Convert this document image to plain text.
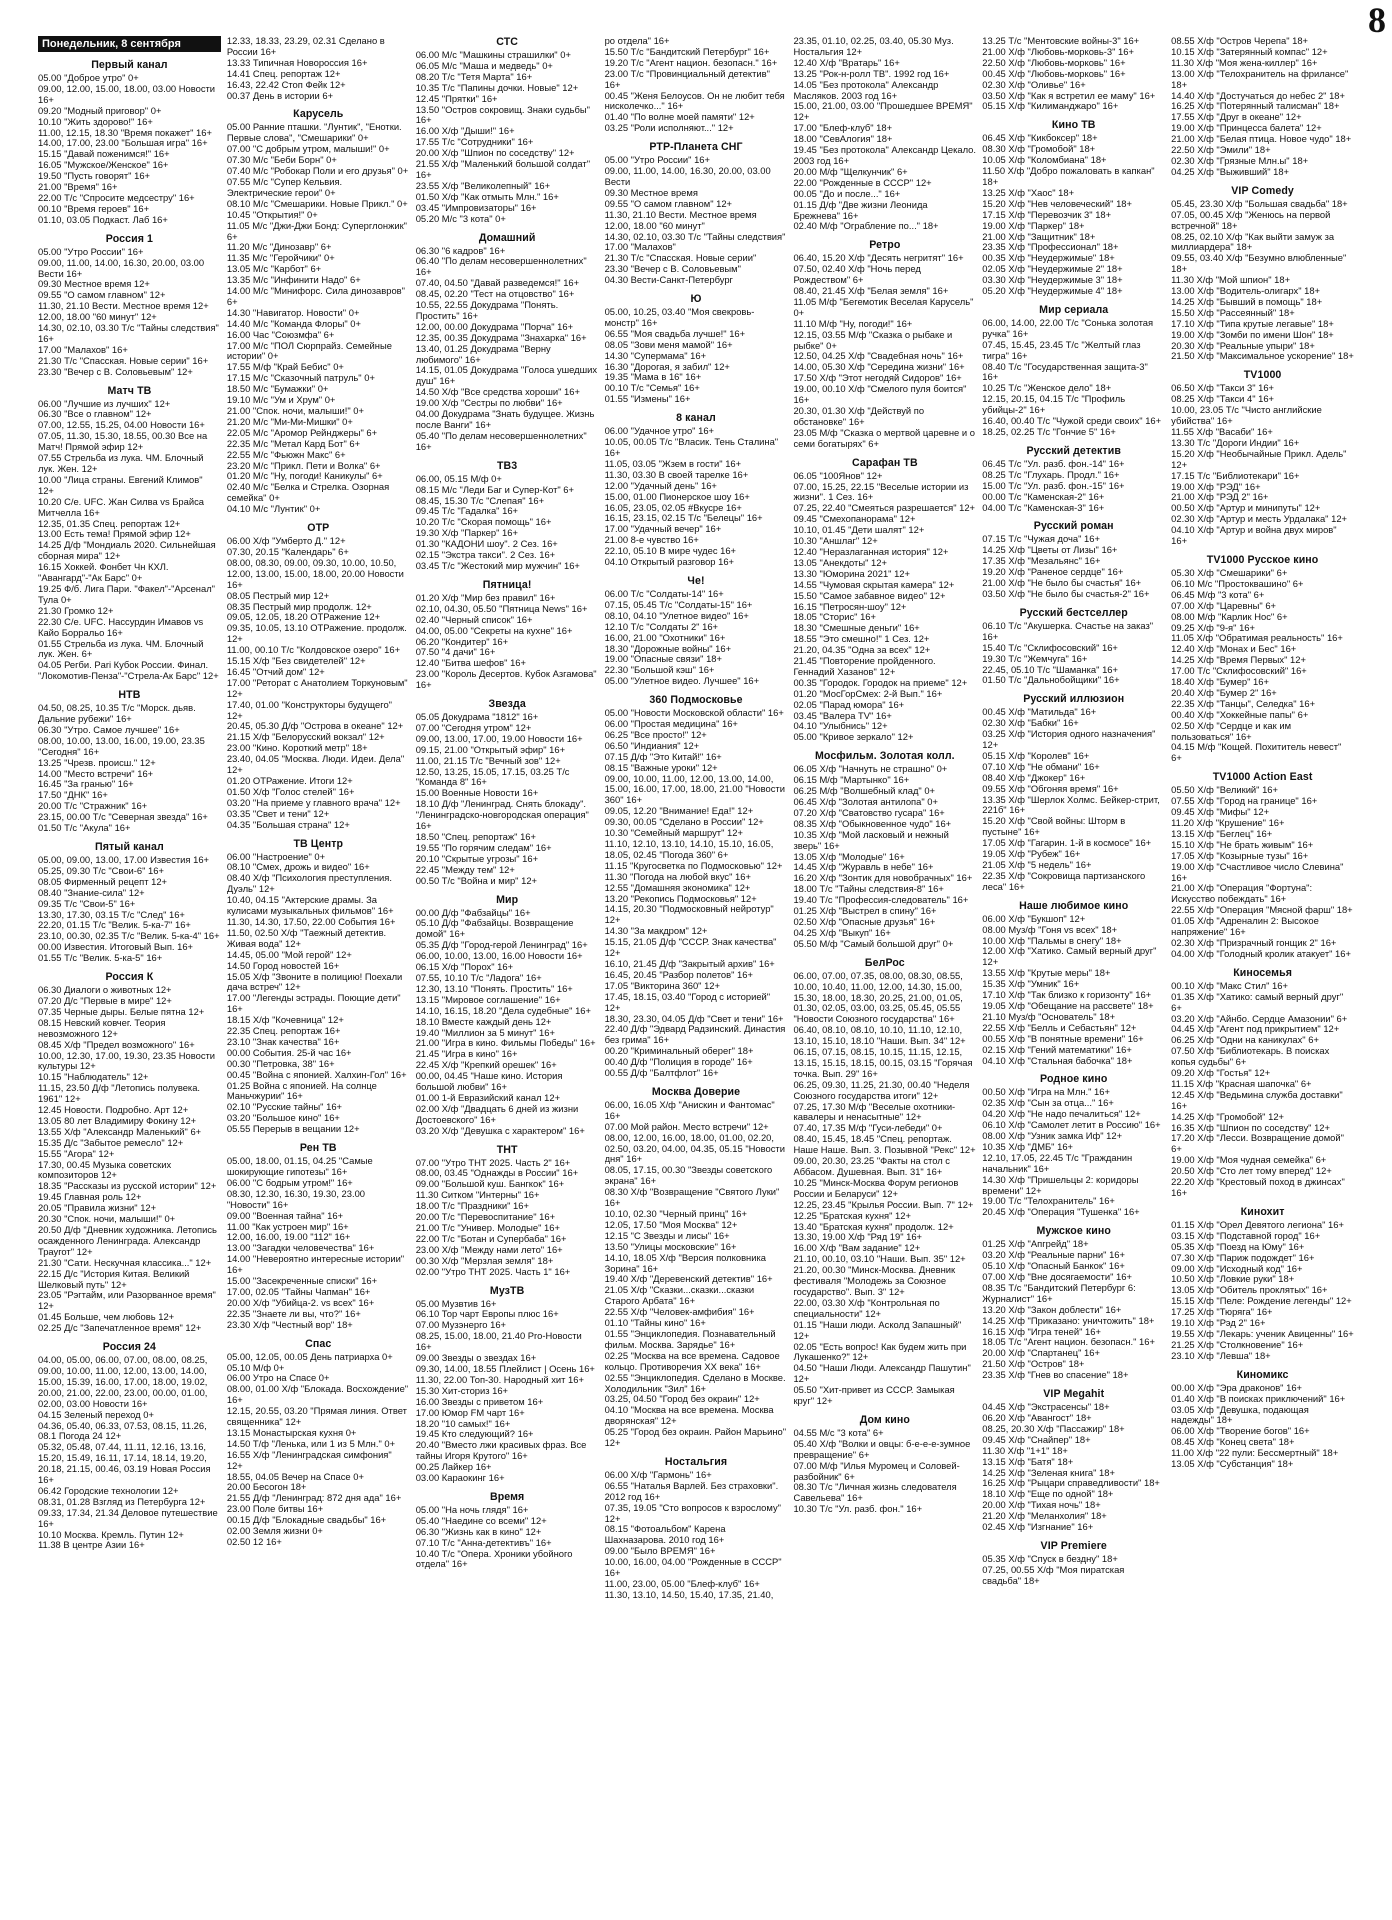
8
Понедельник, 8 сентября
Первый канал
05.00 "Доброе утро" 0+
09.00, 12.00, 15.00, 18.00, 03.00 Новости 16+
09.20 "Модный приговор" 0+
10.10 "Жить здорово!" 16+
11.00, 12.15, 18.30 "Время покажет" 16+
14.00, 17.00, 23.00 "Большая игра" 16+
15.15 "Давай поженимся!" 16+
16.05 "Мужское/Женское" 16+
19.50 "Пусть говорят" 16+
21.00 "Время" 16+
22.00 Т/с "Спросите медсестру" 16+
00.10 "Время героев" 16+
01.10, 03.05 Подкаст. Лаб 16+
Россия 1
05.00 "Утро России" 16+
09.00, 11.00, 14.00, 16.30, 20.00, 03.00 Вести 16+
09.30 Местное время 12+
09.55 "О самом главном" 12+
11.30, 21.10 Вести. Местное время 12+
12.00, 18.00 "60 минут" 12+
14.30, 02.10, 03.30 Т/с "Тайны следствия" 16+
17.00 "Малахов" 16+
21.30 Т/с "Спасская. Новые серии" 16+
23.30 "Вечер с В. Соловьевым" 12+
Матч ТВ
06.00 "Лучшие из лучших" 12+
06.30 "Все о главном" 12+
07.00, 12.55, 15.25, 04.00 Новости 16+
07.05, 11.30, 15.30, 18.55, 00.30 Все на Матч! Прямой эфир 12+
07.55 Стрельба из лука. ЧМ. Блочный лук. Жен. 12+
10.00 "Лица страны. Евгений Климов" 12+
10.20 С/е. UFC. Жан Силва vs Брайса Митчелла 16+
12.35, 01.35 Спец. репортаж 12+
13.00 Есть тема! Прямой эфир 12+
14.25 Д/ф "Мондиаль 2020. Сильнейшая сборная мира" 12+
16.15 Хоккей. Фонбет Чн КХЛ. "Авангард"-"Ак Барс" 0+
19.25 Ф/б. Лига Пари. "Факел"-"Арсенал" Тула 0+
21.30 Громко 12+
22.30 С/е. UFC. Нассурдин Имавов vs Кайо Борральо 16+
01.55 Стрельба из лука. ЧМ. Блочный лук. Жен. 6+
04.05 Регби. Pari Кубок России. Финал. "Локомотив-Пенза"-"Стрела-Ак Барс" 12+
НТВ
04.50, 08.25, 10.35 Т/с "Морск. дьяв. Дальние рубежи" 16+
06.30 "Утро. Самое лучшее" 16+
08.00, 10.00, 13.00, 16.00, 19.00, 23.35 "Сегодня" 16+
13.25 "Чрезв. происш." 12+
14.00 "Место встречи" 16+
16.45 "За гранью" 16+
17.50 "ДНК" 16+
20.00 Т/с "Стражник" 16+
23.15, 00.00 Т/с "Северная звезда" 16+
01.50 Т/с "Акула" 16+
Пятый канал
05.00, 09.00, 13.00, 17.00 Известия 16+
05.25, 09.30 Т/с "Свои-6" 16+
08.05 Фирменный рецепт 12+
08.40 "Знание-сила" 12+
09.35 Т/с "Свои-5" 16+
13.30, 17.30, 03.15 Т/с "След" 16+
22.20, 01.15 Т/с "Велик. 5-ка-7" 16+
23.10, 00.30, 02.35 Т/с "Велик. 5-ка-4" 16+
00.00 Известия. Итоговый Вып. 16+
01.55 Т/с "Велик. 5-ка-5" 16+
Россия К
06.30 Диалоги о животных 12+
07.20 Д/с "Первые в мире" 12+
07.35 Черные дыры. Белые пятна 12+
08.15 Невский ковчег. Теория невозможного 12+
08.45 Х/ф "Предел возможного" 16+
10.00, 12.30, 17.00, 19.30, 23.35 Новости культуры 12+
10.15 "Наблюдатель" 12+
11.15, 23.50 Д/ф "Летопись полувека. 1961" 12+
12.45 Новости. Подробно. Арт 12+
13.05 80 лет Владимиру Фокину 12+
13.55 Х/ф "Александр Маленький" 6+
15.35 Д/с "Забытое ремесло" 12+
15.55 "Агора" 12+
17.30, 00.45 Музыка советских композиторов 12+
18.35 "Рассказы из русской истории" 12+
19.45 Главная роль 12+
20.05 "Правила жизни" 12+
20.30 "Спок. ночи, малыши!" 0+
20.50 Д/ф "Дневник художника. Летопись осажденного Ленинграда. Александр Траугот" 12+
21.30 "Сати. Нескучная классика..." 12+
22.15 Д/с "История Китая. Великий Шелковый путь" 12+
23.05 "Рэгтайм, или Разорванное время" 12+
01.45 Больше, чем любовь 12+
02.25 Д/с "Запечатленное время" 12+
Россия 24
04.00, 05.00, 06.00, 07.00, 08.00, 08.25, 09.00, 10.00, 11.00, 12.00, 13.00, 14.00, 15.00, 15.39, 16.00, 17.00, 18.00, 19.02, 20.00, 21.00, 22.00, 23.00, 00.00, 01.00, 02.00, 03.00 Новости 16+
04.15 Зеленый переход 0+
04.36, 05.40, 06.33, 07.53, 08.15, 11.26, 08.1 Погода 24 12+
05.32, 05.48, 07.44, 11.11, 12.16, 13.16, 15.20, 15.49, 16.11, 17.14, 18.14, 19.20, 20.18, 21.15, 00.46, 03.19 Новая Россия 16+
06.42 Городские технологии 12+
08.31, 01.28 Взгляд из Петербурга 12+
09.33, 17.34, 21.34 Деловое путешествие 16+
10.10 Москва. Кремль. Путин 12+
11.38 В центре Азии 16+
12.33, 18.33, 23.29, 02.31 Сделано в России 16+
13.33 Типичная Новороссия 16+
14.41 Спец. репортаж 12+
16.43, 22.42 Стоп Фейк 12+
00.37 День в истории 6+
Карусель
05.00 Ранние пташки. "Лунтик", "Енотки. Первые слова", "Смешарики" 0+
07.00 "С добрым утром, малыши!" 0+
07.30 М/с "Беби Борн" 0+
07.40 М/с "Робокар Поли и его друзья" 0+
07.55 М/с "Супер Кельвия. Электрические герои" 0+
08.10 М/с "Смешарики. Новые Прикл." 0+
10.45 "Открытия!" 0+
11.05 М/с "Джи-Джи Бонд: Суперглонжик" 6+
11.20 М/с "Динозавр" 6+
11.35 М/с "Геройчики" 0+
13.05 М/с "Карбот" 6+
13.35 М/с "Инфинити Надо" 6+
14.00 М/с "Минифорс. Сила динозавров" 6+
14.30 "Навигатор. Новости" 0+
14.40 М/с "Команда Флоры" 0+
16.00 Час "Союзмфа" 6+
17.00 М/с "ПОЛ Сюрпрайз. Семейные истории" 0+
17.55 М/ф "Край Бебис" 0+
17.15 М/с "Сказочный патруль" 0+
18.50 М/с "Бумажки" 0+
19.10 М/с "Ум и Хрум" 0+
21.00 "Спок. ночи, малыши!" 0+
21.20 М/с "Ми-Ми-Мишки" 0+
22.05 М/с "Аромор Рейнджеры" 6+
22.35 М/с "Метал Кард Бот" 6+
22.55 М/с "Фьюжн Макс" 6+
23.20 М/с "Прикл. Пети и Волка" 6+
01.20 М/с "Ну, погоди! Каникулы" 6+
02.40 М/с "Белка и Стрелка. Озорная семейка" 0+
04.10 М/с "Лунтик" 0+
ОТР
06.00 Х/ф "Умберто Д." 12+
07.30, 20.15 "Календарь" 6+
08.00, 08.30, 09.00, 09.30, 10.00, 10.50, 12.00, 13.00, 15.00, 18.00, 20.00 Новости 16+
08.05 Пестрый мир 12+
08.35 Пестрый мир продолж. 12+
09.05, 12.05, 18.20 ОТРажение 12+
09.35, 10.05, 13.10 ОТРажение. продолж. 12+
11.00, 00.10 Т/с "Колдовское озеро" 16+
15.15 Х/ф "Без свидетелей" 12+
16.45 "Отчий дом" 12+
17.00 "Реторат с Анатолием Торкуновым" 12+
17.40, 01.00 "Конструкторы будущего" 12+
20.45, 05.30 Д/ф "Острова в океане" 12+
21.15 Х/ф "Белорусский вокзал" 12+
23.00 "Кино. Короткий метр" 18+
23.40, 04.05 "Москва. Люди. Идеи. Дела" 12+
01.20 ОТРажение. Итоги 12+
01.50 Х/ф "Голос стелей" 16+
03.20 "На приеме у главного врача" 12+
03.35 "Свет и тени" 12+
04.35 "Большая страна" 12+
ТВ Центр
06.00 "Настроение" 0+
08.10 "Смех, дрожь и видео" 16+
08.40 Х/ф "Психология преступления. Дуэль" 12+
10.40, 04.15 "Актерские драмы. За кулисами музыкальных фильмов" 16+
11.30, 14.30, 17.50, 22.00 События 16+
11.50, 02.50 Х/ф "Таежный детектив. Живая вода" 12+
14.45, 05.00 "Мой герой" 12+
14.50 Город новостей 16+
15.05 Х/ф "Звоните в полицию! Поехали дача встреч" 12+
17.00 "Легенды эстрады. Поющие дети" 16+
18.15 Х/ф "Кочевница" 12+
22.35 Спец. репортаж 16+
23.10 "Знак качества" 16+
00.00 События. 25-й час 16+
00.30 "Петровка, 38" 16+
00.45 "Война с японией. Халхин-Гол" 16+
01.25 Война с японией. На солнце Маньчжурии" 16+
02.10 "Русские тайны" 16+
03.20 "Большое кино" 16+
05.55 Перерыв в вещании 12+
Рен ТВ
05.00, 18.00, 01.15, 04.25 "Самые шокирующие гипотезы" 16+
06.00 "С бодрым утром!" 16+
08.30, 12.30, 16.30, 19.30, 23.00 "Новости" 16+
09.00 "Военная тайна" 16+
11.00 "Как устроен мир" 16+
12.00, 16.00, 19.00 "112" 16+
13.00 "Загадки человечества" 16+
14.00 "Невероятно интересные истории" 16+
15.00 "Засекреченные списки" 16+
17.00, 02.05 "Тайны Чапман" 16+
20.00 Х/ф "Убийца-2. vs всех" 16+
22.35 "Знаете ли вы, что?" 16+
23.30 Х/ф "Честный вор" 18+
Спас
05.00, 12.05, 00.05 День патриарха 0+
05.10 М/ф 0+
06.00 Утро на Спасе 0+
08.00, 01.00 Х/ф "Блокада. Восхождение" 16+
12.15, 20.55, 03.20 "Прямая линия. Ответ священника" 12+
13.15 Монастырская кухня 0+
14.50 Т/ф "Ленька, или 1 из 5 Млн." 0+
16.55 Х/ф "Ленинградская симфония" 12+
18.55, 04.05 Вечер на Спасе 0+
20.00 Бесогон 18+
21.55 Д/ф "Ленинград: 872 дня ада" 16+
23.00 Поле битвы 16+
00.15 Д/ф "Блокадные свадьбы" 16+
02.00 Земля жизни 0+
02.50 12 16+
СТС
06.00 М/с "Машкины страшилки" 0+
06.05 М/с "Маша и медведь" 0+
08.20 Т/с "Тетя Марта" 16+
10.35 Т/с "Папины дочки. Новые" 12+
12.45 "Прятки" 16+
13.50 "Остров сокровищ. Знаки судьбы" 16+
16.00 Х/ф "Дыши!" 16+
17.55 Т/с "Сотрудники" 16+
20.00 Х/ф "Шпион по соседству" 12+
21.55 Х/ф "Маленький большой солдат" 16+
23.55 Х/ф "Великолепный" 16+
01.50 Х/ф "Как отмыть Млн." 16+
03.45 "Импровизаторы" 16+
05.20 М/с "3 кота" 0+
Домашний
06.30 "6 кадров" 16+
06.40 "По делам несовершеннолетних" 16+
07.40, 04.50 "Давай разведемся!" 16+
08.45, 02.20 "Тест на отцовство" 16+
10.55, 22.55 Докудрама "Понять. Простить" 16+
12.00, 00.00 Докудрама "Порча" 16+
12.35, 00.35 Докудрама "Знахарка" 16+
13.40, 01.25 Докудрама "Верну любимого" 16+
14.15, 01.05 Докудрама "Голоса ушедших душ" 16+
14.50 Х/ф "Все средства хороши" 16+
19.00 Х/ф "Сестры по любви" 16+
04.00 Докудрама "Знать будущее. Жизнь после Ванги" 16+
05.40 "По делам несовершеннолетних" 16+
ТВ3
06.00, 05.15 М/ф 0+
08.15 М/с "Леди Баг и Супер-Кот" 6+
08.45, 15.30 Т/с "Слепая" 16+
09.45 Т/с "Гадалка" 16+
10.20 Т/с "Скорая помощь" 16+
19.30 Х/ф "Паркер" 16+
01.30 "КАДОНИ шоу". 2 Сез. 16+
02.15 "Экстра такси". 2 Сез. 16+
03.45 Т/с "Жестокий мир мужчин" 16+
Пятница!
01.20 Х/ф "Мир без правил" 16+
02.10, 04.30, 05.50 "Пятница News" 16+
02.40 "Черный список" 16+
04.00, 05.00 "Секреты на кухне" 16+
06.20 "Кондитер" 16+
07.50 "4 дачи" 16+
12.40 "Битва шефов" 16+
23.00 "Король Десертов. Кубок Азгамова" 16+
Звезда
05.05 Докудрама "1812" 16+
07.00 "Сегодня утром" 12+
09.00, 13.00, 17.00, 19.00 Новости 16+
09.15, 21.00 "Открытый эфир" 16+
11.00, 21.15 Т/с "Вечный зов" 12+
12.50, 13.25, 15.05, 17.15, 03.25 Т/с "Команда 8" 16+
15.00 Военные Новости 16+
18.10 Д/ф "Ленинград. Снять блокаду". "Ленинградско-новгородская операция" 16+
18.50 "Спец. репортаж" 16+
19.55 "По горячим следам" 16+
20.10 "Скрытые угрозы" 16+
22.45 "Между тем" 12+
00.50 Т/с "Война и мир" 12+
Мир
00.00 Д/ф "Фабзайцы" 16+
05.10 Д/ф "Фабзайцы. Возвращение домой" 16+
05.35 Д/ф "Город-герой Ленинград" 16+
06.00, 10.00, 13.00, 16.00 Новости 16+
06.15 Х/ф "Порох" 16+
07.55, 10.10 Т/с "Ладога" 16+
12.30, 13.10 "Понять. Простить" 16+
13.15 "Мировое соглашение" 16+
14.10, 16.15, 18.20 "Дела судебные" 16+
18.10 Вместе каждый день 12+
19.40 "Миллион за 5 минут" 16+
21.00 "Игра в кино. Фильмы Победы" 16+
21.45 "Игра в кино" 16+
22.45 Х/ф "Крепкий орешек" 16+
00.00, 04.45 "Наше кино. История большой любви" 16+
01.00 1-й Евразийский канал 12+
02.00 Х/ф "Двадцать 6 дней из жизни Достоевского" 16+
03.20 Х/ф "Девушка с характером" 16+
ТНТ
07.00 "Утро ТНТ 2025. Часть 2" 16+
08.00, 03.45 "Однажды в России" 16+
09.00 "Большой куш. Бангкок" 16+
11.30 Ситком "Интерны" 16+
18.00 Т/с "Праздники" 16+
20.00 Т/с "Перевоспитание" 16+
21.00 Т/с "Универ. Молодые" 16+
22.00 Т/с "Ботан и Супербаба" 16+
23.00 Х/ф "Между нами лето" 16+
00.30 Х/ф "Мерзлая земля" 18+
02.00 "Утро ТНТ 2025. Часть 1" 16+
МузТВ
05.00 Музвтив 16+
06.10 Тор чарт Европы плюс 16+
07.00 Музэнерго 16+
08.25, 15.00, 18.00, 21.40 Pro-Новости 16+
09.00 Звезды о звездах 16+
09.30, 14.00, 18.55 Плейлист | Осень 16+
11.30, 22.00 Топ-30. Народный хит 16+
15.30 Хит-сториз 16+
16.00 Звезды с приветом 16+
17.00 Юмор FM чарт 16+
18.20 "10 самых!" 16+
19.45 Кто следующий? 16+
20.40 "Вместо лжи красивых фраз. Все тайны Игоря Крутого" 16+
00.25 Лайкер 16+
03.00 Караокинг 16+
Время
05.00 "На ночь глядя" 16+
05.40 "Наедине со всеми" 12+
06.30 "Жизнь как в кино" 12+
07.10 Т/с "Анна-детективъ" 16+
10.40 Т/с "Опера. Хроники убойного отдела" 16+
ро отдела" 16+
15.50 Т/с "Бандитский Петербург" 16+
19.20 Т/с "Агент национ. безопасн." 16+
23.00 Т/с "Провинциальный детектив" 16+
00.45 "Женя Белоусов. Он не любит тебя нисколечко..." 16+
01.40 "По волне моей памяти" 12+
03.25 "Роли исполняют..." 12+
РТР-Планета СНГ
05.00 "Утро России" 16+
09.00, 11.00, 14.00, 16.30, 20.00, 03.00 Вести
09.30 Местное время
09.55 "О самом главном" 12+
11.30, 21.10 Вести. Местное время
12.00, 18.00 "60 минут"
14.30, 02.10, 03.30 Т/с "Тайны следствия"
17.00 "Малахов"
21.30 Т/с "Спасская. Новые серии"
23.30 "Вечер с В. Соловьевым"
04.30 Вести-Санкт-Петербург
Ю
05.00, 10.25, 03.40 "Моя свекровь-монстр" 16+
06.55 "Моя свадьба лучше!" 16+
08.05 "Зови меня мамой" 16+
14.30 "Супермама" 16+
16.30 "Дорогая, я забил" 12+
19.35 "Мама в 16" 16+
00.10 Т/с "Семья" 16+
01.55 "Измены" 16+
8 канал
06.00 "Удачное утро" 16+
10.05, 00.05 Т/с "Власик. Тень Сталина" 16+
11.05, 03.05 "Жзем в гости" 16+
11.30, 03.30 В своей тарелке 16+
12.00 "Удачный день" 16+
15.00, 01.00 Пионерское шоу 16+
16.05, 23.05, 02.05 #Вкусре 16+
16.15, 23.15, 02.15 Т/с "Белецы" 16+
17.00 "Удачный вечер" 16+
21.00 8-е чувство 16+
22.10, 05.10 В мире чудес 16+
04.10 Открытый разговор 16+
Че!
06.00 Т/с "Солдаты-14" 16+
07.15, 05.45 Т/с "Солдаты-15" 16+
08.10, 04.10 "Улетное видео" 16+
12.10 Т/с "Солдаты 2" 16+
16.00, 21.00 "Охотники" 16+
18.30 "Дорожные войны" 16+
19.00 "Опасные связи" 18+
22.30 "Большой кэш" 16+
05.00 "Улетное видео. Лучшее" 16+
360 Подмосковье
05.00 "Новости Московской области" 16+
06.00 "Простая медицина" 16+
06.25 "Все просто!" 12+
06.50 "Индиания" 12+
07.15 Д/ф "Это Китай!" 16+
08.15 "Важные уроки" 12+
09.00, 10.00, 11.00, 12.00, 13.00, 14.00, 15.00, 16.00, 17.00, 18.00, 21.00 "Новости 360" 16+
09.05, 12.20 "Внимание! Еда!" 12+
09.30, 00.05 "Сделано в России" 12+
10.30 "Семейный маршрут" 12+
11.10, 12.10, 13.10, 14.10, 15.10, 16.05, 18.05, 02.45 "Погода 360" 6+
11.15 "Кругосветка по Подмосковью" 12+
11.30 "Погода на любой вкус" 16+
12.55 "Домашняя экономика" 12+
13.20 "Рекопись Подмосковья" 12+
14.15, 20.30 "Подмосковный нейротур" 12+
14.30 "За макдром" 12+
15.15, 21.05 Д/ф "СССР. Знак качества" 12+
16.10, 21.45 Д/ф "Закрытый архив" 16+
16.45, 20.45 "Разбор полетов" 16+
17.05 "Викторина 360" 12+
17.45, 18.15, 03.40 "Город с историей" 12+
18.30, 23.30, 04.05 Д/ф "Свет и тени" 16+
22.40 Д/ф "Эдвард Радзинский. Династия без грима" 16+
00.20 "Криминальный оберег" 18+
00.40 Д/ф "Полиция в городе" 16+
00.55 Д/ф "Балтфлот" 16+
Москва Доверие
06.00, 16.05 Х/ф "Анискин и Фантомас" 16+
07.00 Мой район. Место встречи" 12+
08.00, 12.00, 16.00, 18.00, 01.00, 02.20, 02.50, 03.20, 04.00, 04.35, 05.15 "Новости дня" 16+
08.05, 17.15, 00.30 "Звезды советского экрана" 16+
08.30 Х/ф "Возвращение "Святого Луки" 16+
10.10, 02.30 "Черный принц" 16+
12.05, 17.50 "Моя Москва" 12+
12.15 "С Звезды и лисы" 16+
13.50 "Улицы московские" 16+
14.10, 18.05 Х/ф "Версия полковника Зорина" 16+
19.40 Х/ф "Деревенский детектив" 16+
21.05 Х/ф "Сказки...сказки...сказки Старого Арбата" 16+
22.55 Х/ф "Человек-амфибия" 16+
01.10 "Тайны кино" 16+
01.55 "Энциклопедия. Познавательный фильм. Москва. Зарядье" 16+
02.25 "Москва на все времена. Садовое кольцо. Противоречия XX века" 16+
02.55 "Энциклопедия. Сделано в Москве. Холодильник "Зил" 16+
03.25, 04.50 "Город без окраин" 12+
04.10 "Москва на все времена. Москва дворянская" 12+
05.25 "Город без окраин. Район Марьино" 12+
Ностальгия
06.00 Х/ф "Гармонь" 16+
06.55 "Наталья Варлей. Без страховки". 2012 год 16+
07.35, 19.05 "Сто вопросов к взрослому" 12+
08.15 "Фотоальбом" Карена Шахназарова. 2010 год 16+
09.00 "Было ВРЕМЯ" 16+
10.00, 16.00, 04.00 "Рожденные в СССР" 16+
11.00, 23.00, 05.00 "Блеф-клуб" 16+
11.30, 13.10, 14.50, 15.40, 17.35, 21.40,
23.35, 01.10, 02.25, 03.40, 05.30 Муз. Ностальгия 12+
12.40 Х/ф "Вратарь" 16+
13.25 "Рок-н-ролл ТВ". 1992 год 16+
14.05 "Без протокола" Александр Масляков. 2003 год 16+
15.00, 21.00, 03.00 "Прошедшее ВРЕМЯ" 12+
17.00 "Блеф-клуб" 18+
18.00 "СевАлогия" 18+
19.45 "Без протокола" Александр Цекало. 2003 год 16+
20.00 М/ф "Щелкунчик" 6+
22.00 "Рожденные в СССР" 12+
00.05 "До и после..." 16+
01.15 Д/ф "Две жизни Леонида Брежнева" 16+
02.40 М/ф "Ограбление по..." 18+
Ретро
06.40, 15.20 Х/ф "Десять негритят" 16+
07.50, 02.40 Х/ф "Ночь перед Рождеством" 6+
08.40, 21.45 Х/ф "Белая земля" 16+
11.05 М/ф "Бегемотик Веселая Карусель" 0+
11.10 М/ф "Ну, погоди!" 16+
12.15, 03.55 М/ф "Сказка о рыбаке и рыбке" 0+
12.50, 04.25 Х/ф "Свадебная ночь" 16+
14.00, 05.30 Х/ф "Середина жизни" 16+
17.50 Х/ф "Этот негодяй Сидоров" 16+
19.00, 00.10 Х/ф "Смелого пуля боится" 16+
20.30, 01.30 Х/ф "Действуй по обстановке" 16+
23.05 М/ф "Сказка о мертвой царевне и о семи богатырях" 6+
Сарафан ТВ
06.05 "100Янов" 12+
07.00, 15.25, 22.15 "Веселые истории из жизни". 1 Сез. 16+
07.25, 22.40 "Смеяться разрешается" 12+
09.45 "Смехопанорама" 12+
10.10, 01.45 "Дети шалят" 12+
10.30 "Аншлаг" 12+
12.40 "Неразлаганная история" 12+
13.05 "Анекдоты" 12+
13.30 "Юморина 2021" 12+
14.55 "Чумовая скрытая камера" 12+
15.50 "Самое забавное видео" 12+
16.15 "Петросян-шоу" 12+
18.05 "Сторис" 16+
18.30 "Смешные деньги" 16+
18.55 "Это смешно!" 1 Сез. 12+
21.20, 04.35 "Одна за всех" 12+
21.45 "Повторение пройденного. Геннадий Хазанов" 12+
00.35 "Городок. Городок на приеме" 12+
01.20 "МосГорСмех: 2-й Вып." 16+
02.05 "Парад юмора" 16+
03.45 "Валера TV" 16+
04.10 "Улыбнись" 12+
05.00 "Кривое зеркало" 12+
Мосфильм. Золотая колл.
06.05 Х/ф "Начнуть не страшно" 0+
06.15 М/ф "Мартынко" 16+
06.25 М/ф "Волшебный клад" 0+
06.45 Х/ф "Золотая антилопа" 0+
07.20 Х/ф "Сватовство гусара" 16+
08.35 Х/ф "Обыкновенное чудо" 16+
10.35 Х/ф "Мой ласковый и нежный зверь" 16+
13.05 Х/ф "Молодые" 16+
14.45 Х/ф "Журавль в небе" 16+
16.20 Х/ф "Зонтик для новобрачных" 16+
18.00 Т/с "Тайны следствия-8" 16+
19.40 Т/с "Профессия-следователь" 16+
01.25 Х/ф "Выстрел в спину" 16+
02.50 Х/ф "Опасные друзья" 16+
04.25 Х/ф "Выкуп" 16+
05.50 М/ф "Самый большой друг" 0+
БелРос
06.00, 07.00, 07.35, 08.00, 08.30, 08.55, 10.00, 10.40, 11.00, 12.00, 14.30, 15.00, 15.30, 18.00, 18.30, 20.25, 21.00, 01.05, 01.30, 02.05, 03.00, 03.25, 05.45, 05.55 "Новости Союзного государства" 16+
06.40, 08.10, 08.10, 10.10, 11.10, 12.10, 13.10, 15.10, 18.10 "Наши. Вып. 34" 12+
06.15, 07.15, 08.15, 10.15, 11.15, 12.15, 13.15, 15.15, 18.15, 00.15, 03.15 "Горячая точка. Вып. 29" 16+
06.25, 09.30, 11.25, 21.30, 00.40 "Неделя Союзного государства итоги" 12+
07.25, 17.30 М/ф "Веселые охотники-кавалеры и ненасытные" 12+
07.40, 17.35 М/ф "Гуси-лебеди" 0+
08.40, 15.45, 18.45 "Спец. репортаж. Наше Наше. Вып. 3. Позывной "Рекс" 12+
09.00, 20.30, 23.25 "Факты на стол с Аббасом. Душевная. Вып. 31" 16+
10.25 "Минск-Москва Форум регионов России и Беларуси" 12+
12.25, 23.45 "Крылья России. Вып. 7" 12+
12.25 "Братская кухня" 12+
13.40 "Братская кухня" продолж. 12+
13.30, 19.00 Х/ф "Ряд 19" 16+
16.00 Х/ф "Вам задание" 12+
21.10, 00.10, 03.10 "Наши. Вып. 35" 12+
21.20, 00.30 "Минск-Москва. Дневник фестиваля "Молодежь за Союзное государство". Вып. 3" 12+
22.00, 03.30 Х/ф "Контрольная по специальности" 12+
01.15 "Наши люди. Асколд Запашный" 12+
02.05 "Есть вопрос! Как будем жить при Лукашенко?" 12+
04.50 "Наши Люди. Александр Пашутин" 12+
05.50 "Хит-привет из СССР. Замыкая круг" 12+
Дом кино
04.55 М/с "3 кота" 6+
05.40 Х/ф "Волки и овцы: б-е-е-е-зумное превращение" 6+
07.00 М/ф "Илья Муромец и Соловей-разбойник" 6+
08.30 Т/с "Личная жизнь следователя Савельева" 16+
10.30 Т/с "Ул. разб. фон." 16+
13.25 Т/с "Ментовские войны-3" 16+
21.00 Х/ф "Любовь-морковь-3" 16+
22.50 Х/ф "Любовь-морковь" 16+
00.45 Х/ф "Любовь-морковь" 16+
02.30 Х/ф "Оливье" 16+
03.50 Х/ф "Как я встретил ее маму" 16+
05.15 Х/ф "Килиманджаро" 16+
Кино ТВ
06.45 Х/ф "Кикбоксер" 18+
08.30 Х/ф "Громобой" 18+
10.05 Х/ф "Коломбиана" 18+
11.50 Х/ф "Добро пожаловать в капкан" 18+
13.25 Х/ф "Хаос" 18+
15.20 Х/ф "Нев человеческий" 18+
17.15 Х/ф "Перевозчик 3" 18+
19.00 Х/ф "Паркер" 18+
21.00 Х/ф "Защитник" 18+
23.35 Х/ф "Профессионал" 18+
00.35 Х/ф "Неудержимые" 18+
02.05 Х/ф "Неудержимые 2" 18+
03.30 Х/ф "Неудержимые 3" 18+
05.20 Х/ф "Неудержимые 4" 18+
Мир сериала
06.00, 14.00, 22.00 Т/с "Сонька золотая ручка" 16+
07.45, 15.45, 23.45 Т/с "Желтый глаз тигра" 16+
08.40 Т/с "Государственная защита-3" 16+
10.25 Т/с "Женское дело" 18+
12.15, 20.15, 04.15 Т/с "Профиль убийцы-2" 16+
16.40, 00.40 Т/с "Чужой среди своих" 16+
18.25, 02.25 Т/с "Гончие 5" 16+
Русский детектив
06.45 Т/с "Ул. разб. фон.-14" 16+
08.25 Т/с "Глухарь. Продл." 16+
15.00 Т/с "Ул. разб. фон.-15" 16+
00.00 Т/с "Каменская-2" 16+
04.00 Т/с "Каменская-3" 16+
Русский роман
07.15 Т/с "Чужая доча" 16+
14.25 Х/ф "Цветы от Лизы" 16+
17.35 Х/ф "Мезальянс" 16+
19.20 Х/ф "Раненое сердце" 16+
21.00 Х/ф "Не было бы счастья" 16+
03.50 Х/ф "Не было бы счастья-2" 16+
Русский бестселлер
06.10 Т/с "Акушерка. Счастье на заказ" 16+
15.40 Т/с "Склифосовский" 16+
19.30 Т/с "Жемчуга" 16+
22.45, 05.10 Т/с "Шаманка" 16+
01.50 Т/с "Дальнобойщики" 16+
Русский иллюзион
00.45 Х/ф "Матильда" 16+
02.30 Х/ф "Бабки" 16+
03.25 Х/ф "История одного назначения" 12+
05.15 Х/ф "Королев" 16+
07.10 Х/ф "Не обмани" 16+
08.40 Х/ф "Джокер" 16+
09.55 Х/ф "Обгоняя время" 16+
13.35 Х/ф "Шерлок Холмс. Бейкер-стрит, 221б" 16+
15.20 Х/ф "Свой войны: Шторм в пустыне" 16+
17.05 Х/ф "Гагарин. 1-й в космосе" 16+
19.05 Х/ф "Рубеж" 16+
21.05 Х/ф "5 недель" 16+
22.35 Х/ф "Сокровища партизанского леса" 16+
Наше любимое кино
06.00 Х/ф "Букшоп" 12+
08.00 Муз/ф "Гоня vs всех" 18+
10.00 Х/ф "Пальмы в снегу" 18+
12.00 Х/ф "Хатико. Самый верный друг" 12+
13.55 Х/ф "Крутые меры" 18+
15.35 Х/ф "Умник" 16+
17.10 Х/ф "Так близко к горизонту" 16+
19.05 Х/ф "Обещание на рассвете" 18+
21.10 Муз/ф "Основатель" 18+
22.55 Х/ф "Белль и Себастьян" 12+
00.55 Х/ф "В понятные времени" 16+
02.15 Х/ф "Гений математики" 16+
04.10 Х/ф "Стальная бабочка" 18+
Родное кино
00.50 Х/ф "Игра на Млн." 16+
02.35 Х/ф "Сын за отца..." 16+
04.20 Х/ф "Не надо печалиться" 12+
06.10 Х/ф "Самолет летит в Россию" 16+
08.00 Х/ф "Узник замка Иф" 12+
10.35 Х/ф "ДМБ" 16+
12.10, 17.05, 22.45 Т/с "Гражданин начальник" 16+
14.30 Х/ф "Пришельцы 2: коридоры времени" 12+
19.00 Т/с "Телохранитель" 16+
20.45 Х/ф "Операция "Тушенка" 16+
Мужское кино
01.25 Х/ф "Апгрейд" 18+
03.20 Х/ф "Реальные парни" 16+
05.10 Х/ф "Опасный Банкок" 16+
07.00 Х/ф "Вне досягаемости" 16+
08.35 Т/с "Бандитский Петербург 6: Журналист" 16+
13.20 Х/ф "Закон доблести" 16+
14.25 Х/ф "Приказано: уничтожить" 18+
16.15 Х/ф "Игра теней" 16+
18.05 Т/с "Агент национ. безопасн." 16+
20.00 Х/ф "Спартанец" 16+
21.50 Х/ф "Остров" 18+
23.35 Х/ф "Гнев во спасение" 18+
VIP Megahit
04.45 Х/ф "Экстрасенсы" 18+
06.20 Х/ф "Авангост" 18+
08.25, 20.30 Х/ф "Пассажир" 18+
09.45 Х/ф "Снайпер" 18+
11.30 Х/ф "1+1" 18+
13.15 Х/ф "Батя" 18+
14.25 Х/ф "Зеленая книга" 18+
16.25 Х/ф "Рыцари справедливости" 18+
18.10 Х/ф "Еще по одной" 18+
20.00 Х/ф "Тихая ночь" 18+
21.20 Х/ф "Меланхолия" 18+
02.45 Х/ф "Изгнание" 16+
VIP Premiere
05.35 Х/ф "Спуск в бездну" 18+
07.25, 00.55 Х/ф "Моя пиратская свадьба" 18+
08.55 Х/ф "Остров Черепа" 18+
10.15 Х/ф "Затерянный компас" 12+
11.30 Х/ф "Моя жена-киллер" 16+
13.00 Х/ф "Телохранитель на фрилансе" 18+
14.40 Х/ф "Достучаться до небес 2" 18+
16.25 Х/ф "Потерянный талисман" 18+
17.55 Х/ф "Друг в океане" 12+
19.00 Х/ф "Принцесса балета" 12+
21.00 Х/ф "Белая птица. Новое чудо" 18+
22.50 Х/ф "Эмили" 18+
02.30 Х/ф "Грязные Млн.ы" 18+
04.25 Х/ф "Выживший" 18+
VIP Comedy
05.45, 23.30 Х/ф "Большая свадьба" 18+
07.05, 00.45 Х/ф "Женюсь на первой встречной" 18+
08.25, 02.10 Х/ф "Как выйти замуж за миллиардера" 18+
09.55, 03.40 Х/ф "Безумно влюбленные" 18+
11.30 Х/ф "Мой шпион" 18+
13.00 Х/ф "Водитель-олигарх" 18+
14.25 Х/ф "Бывший в помощь" 18+
15.50 Х/ф "Рассеянный" 18+
17.10 Х/ф "Типа крутые легавые" 18+
19.00 Х/ф "Зомби по имени Шон" 18+
20.30 Х/ф "Реальные упыри" 18+
21.50 Х/ф "Максимальное ускорение" 18+
TV1000
06.50 Х/ф "Такси 3" 16+
08.25 Х/ф "Такси 4" 16+
10.00, 23.05 Т/с "Чисто английские убийства" 16+
11.55 Х/ф "Васаби" 16+
13.30 Т/с "Дороги Индии" 16+
15.20 Х/ф "Необычайные Прикл. Адель" 12+
17.15 Т/с "Библиотекари" 16+
19.00 Х/ф "РЭД" 16+
21.00 Х/ф "РЭД 2" 16+
00.50 Х/ф "Артур и минипуты" 12+
02.30 Х/ф "Артур и месть Урдалака" 12+
04.10 Х/ф "Артур и война двух миров" 16+
TV1000 Русское кино
05.30 Х/ф "Смешарики" 6+
06.10 М/с "Простоквашино" 6+
06.45 М/ф "3 кота" 6+
07.00 Х/ф "Царевны" 6+
08.00 М/ф "Карлик Нос" 6+
09.25 Х/ф "9-я" 16+
11.05 Х/ф "Обратимая реальность" 16+
12.40 Х/ф "Монах и Бес" 16+
14.25 Х/ф "Время Первых" 12+
17.00 Т/с "Склифосовский" 16+
18.40 Х/ф "Бумер" 16+
20.40 Х/ф "Бумер 2" 16+
22.35 Х/ф "Танцы", Селедка" 16+
00.40 Х/ф "Хоккейные папы" 6+
02.50 Х/ф "Сердце и как им пользоваться" 16+
04.15 М/ф "Кощей. Похититель невест" 6+
TV1000 Action East
05.50 Х/ф "Великий" 16+
07.55 Х/ф "Город на границе" 16+
09.45 Х/ф "Мифы" 12+
11.20 Х/ф "Крушение" 16+
13.15 Х/ф "Беглец" 16+
15.10 Х/ф "Не брать живым" 16+
17.05 Х/ф "Козырные тузы" 16+
19.00 Х/ф "Счастливое число Слевина" 16+
21.00 Х/ф "Операция "Фортуна": Искусство побеждать" 16+
22.55 Х/ф "Операция "Мясной фарш" 18+
01.05 Х/ф "Адреналин 2: Высокое напряжение" 16+
02.30 Х/ф "Призрачный гонщик 2" 16+
04.00 Х/ф "Голодный кролик атакует" 16+
Киносемья
00.10 Х/ф "Макс Стил" 16+
01.35 Х/ф "Хатико: самый верный друг" 6+
03.20 Х/ф "Айнбо. Сердце Амазонии" 6+
04.45 Х/ф "Агент под прикрытием" 12+
06.25 Х/ф "Одни на каникулах" 6+
07.50 Х/ф "Библиотекарь. В поисках копья судьбы" 6+
09.20 Х/ф "Гостья" 12+
11.15 Х/ф "Красная шапочка" 6+
12.45 Х/ф "Ведьмина служба доставки" 16+
14.25 Х/ф "Громобой" 12+
16.35 Х/ф "Шпион по соседству" 12+
17.20 Х/ф "Лесси. Возвращение домой" 6+
19.00 Х/ф "Моя чудная семейка" 6+
20.50 Х/ф "Сто лет тому вперед" 12+
22.20 Х/ф "Крестовый поход в джинсах" 16+
Кинохит
01.15 Х/ф "Орел Девятого легиона" 16+
03.15 Х/ф "Подставной город" 16+
05.35 Х/ф "Поезд на Юму" 16+
07.30 Х/ф "Париж подождет" 16+
09.00 Х/ф "Исходный код" 16+
10.50 Х/ф "Ловкие руки" 18+
13.05 Х/ф "Обитель проклятых" 16+
15.15 Х/ф "Пеле: Рождение легенды" 12+
17.25 Х/ф "Тюряга" 16+
19.10 Х/ф "Рэд 2" 16+
19.55 Х/ф "Лекарь: ученик Авиценны" 16+
21.25 Х/ф "Столкновение" 16+
23.10 Х/ф "Левша" 18+
Киномикс
00.00 Х/ф "Эра драконов" 16+
01.40 Х/ф "В поисках приключений" 16+
03.05 Х/ф "Девушка, подающая надежды" 18+
06.00 Х/ф "Творение богов" 16+
08.45 Х/ф "Конец света" 18+
11.00 Х/ф "22 пули: Бессмертный" 18+
13.05 Х/ф "Субстанция" 18+
